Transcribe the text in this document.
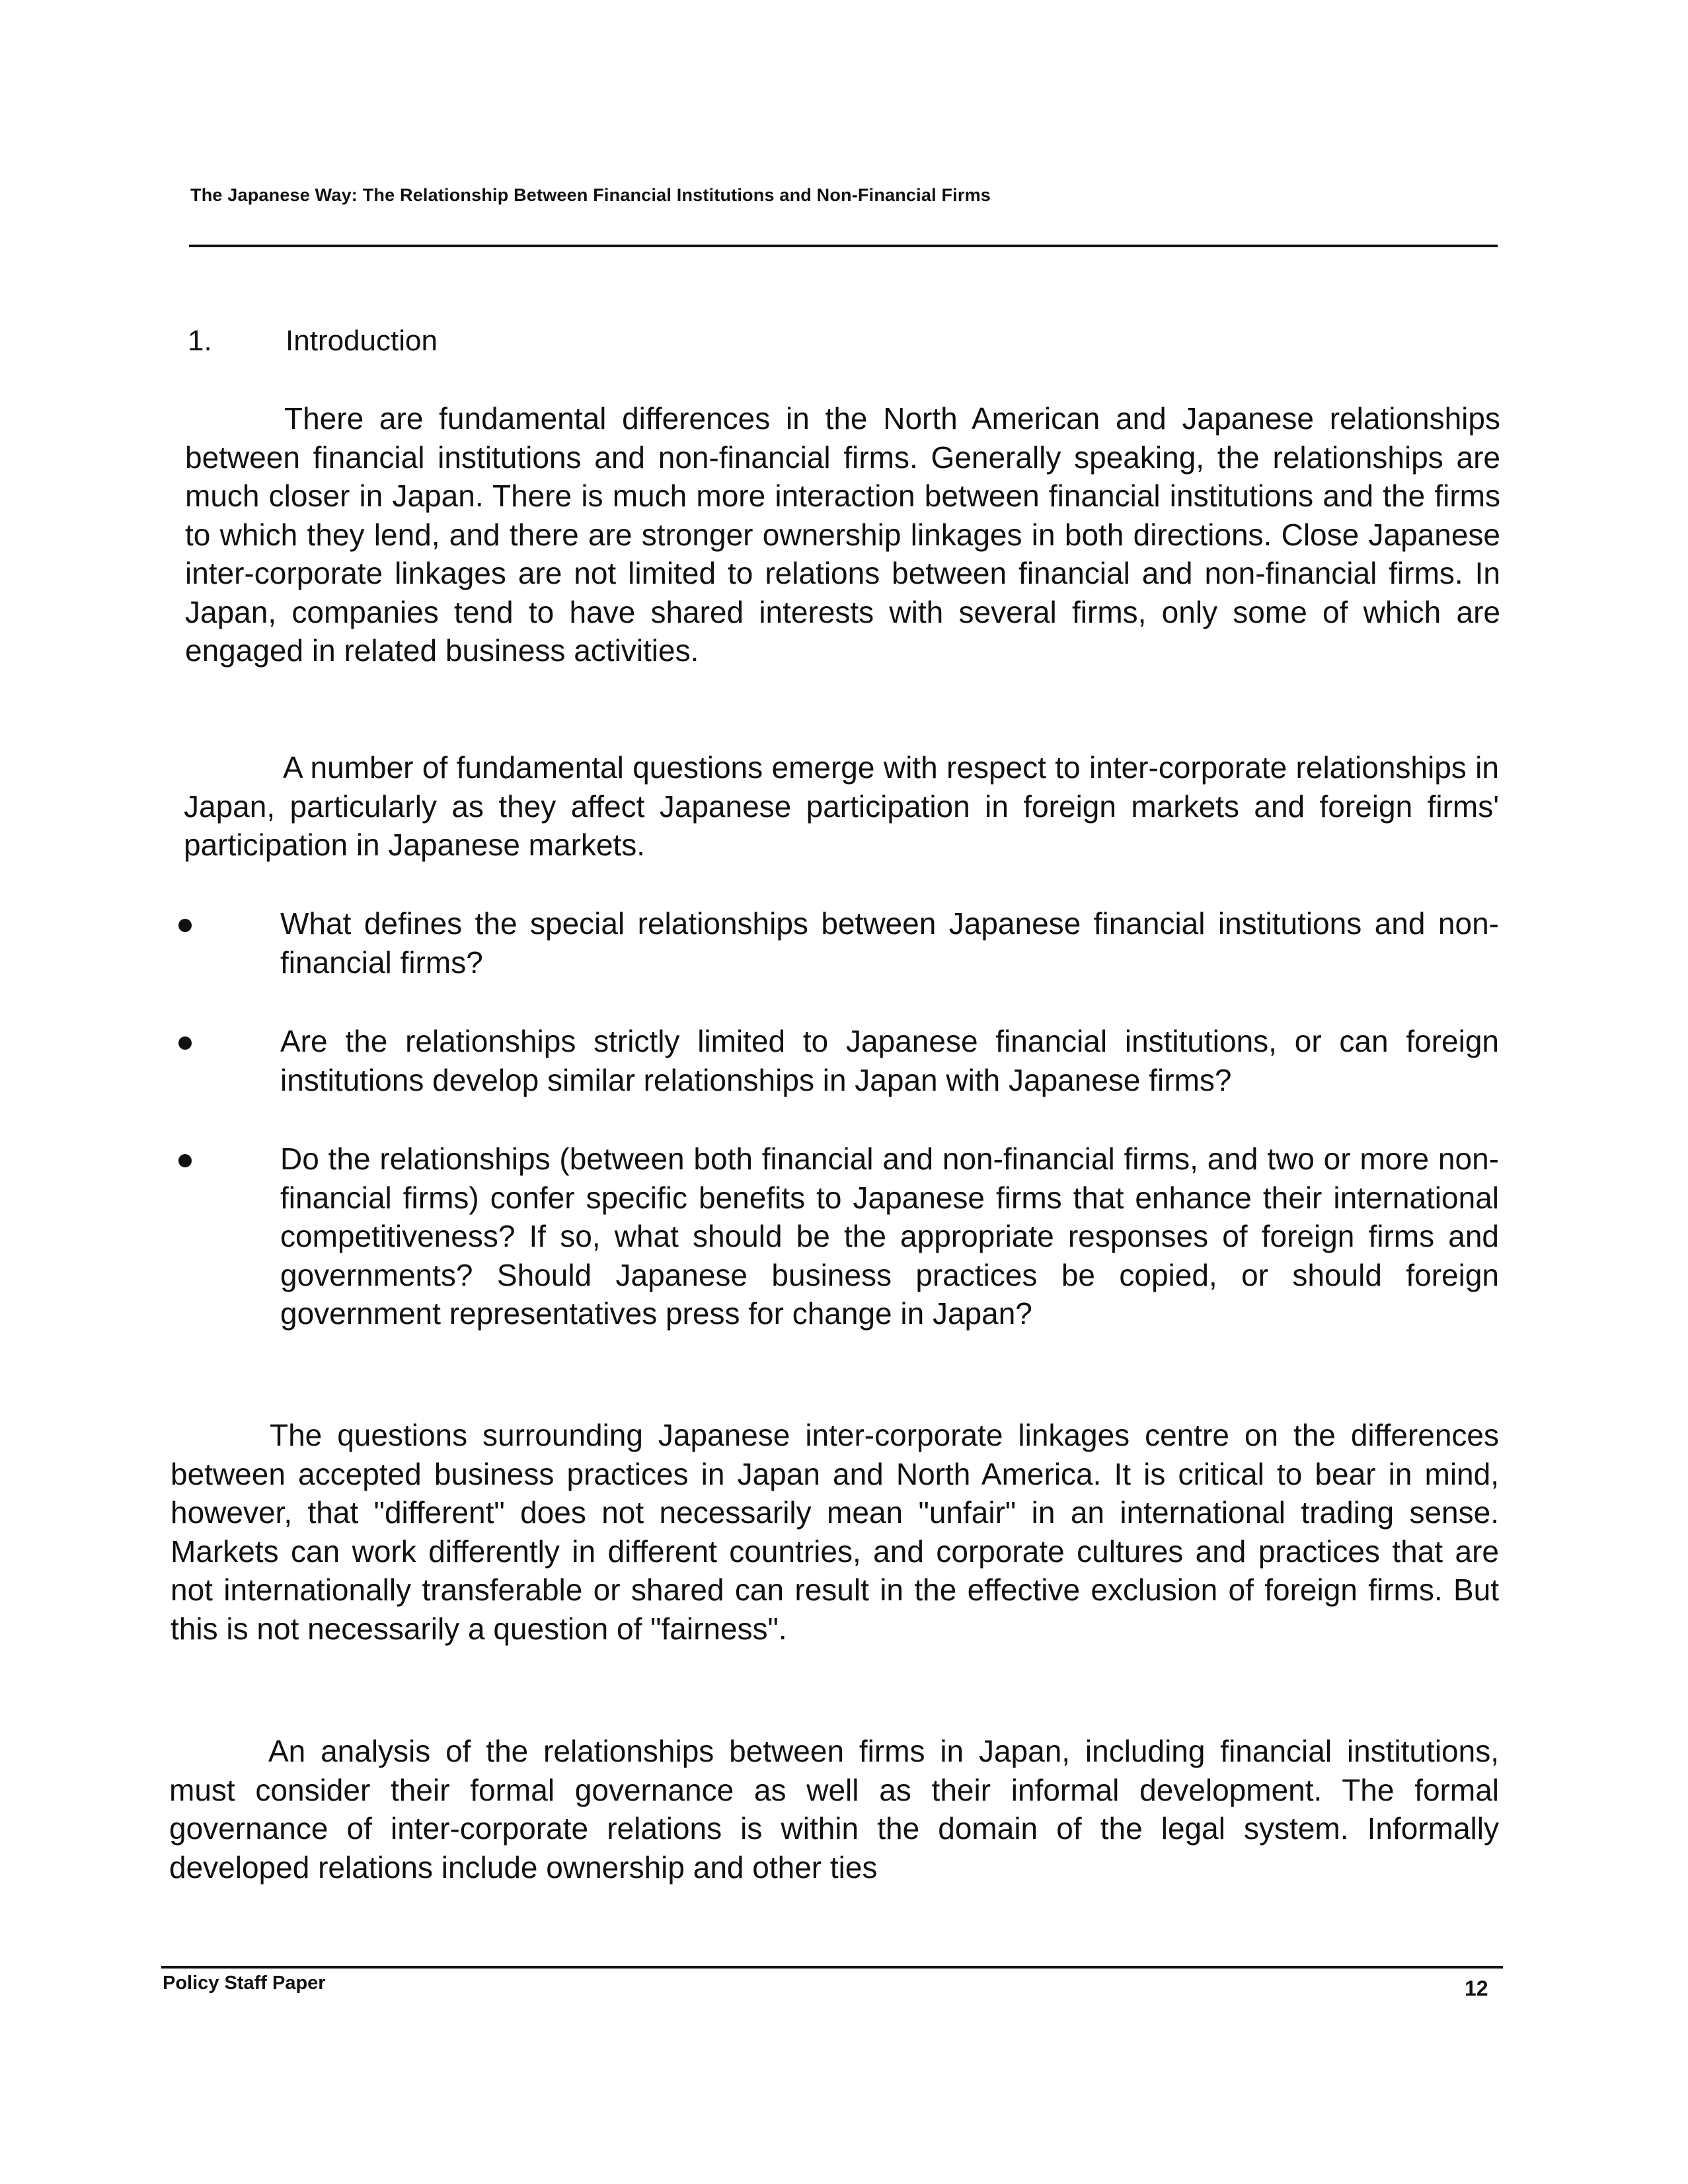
The Japanese Way: The Relationship Between Financial Institutions and Non-Financial Firms
1.	Introduction

There are fundamental differences in the North American and Japanese relationships between financial institutions and non-financial firms. Generally speaking, the relationships are much closer in Japan. There is much more interaction between financial institutions and the firms to which they lend, and there are stronger ownership linkages in both directions. Close Japanese inter-corporate linkages are not limited to relations between financial and non-financial firms. In Japan, companies tend to have shared interests with several firms, only some of which are engaged in related business activities.

A number of fundamental questions emerge with respect to inter-corporate relationships in Japan, particularly as they affect Japanese participation in foreign markets and foreign firms' participation in Japanese markets.

What defines the special relationships between Japanese financial institutions and non-financial firms?

Are the relationships strictly limited to Japanese financial institutions, or can foreign institutions develop similar relationships in Japan with Japanese firms?

Do the relationships (between both financial and non-financial firms, and two or more non-financial firms) confer specific benefits to Japanese firms that enhance their international competitiveness? If so, what should be the appropriate responses of foreign firms and governments? Should Japanese business practices be copied, or should foreign government representatives press for change in Japan?

The questions surrounding Japanese inter-corporate linkages centre on the differences between accepted business practices in Japan and North America. It is critical to bear in mind, however, that "different" does not necessarily mean "unfair" in an international trading sense. Markets can work differently in different countries, and corporate cultures and practices that are not internationally transferable or shared can result in the effective exclusion of foreign firms. But this is not necessarily a question of "fairness".

An analysis of the relationships between firms in Japan, including financial institutions, must consider their formal governance as well as their informal development. The formal governance of inter-corporate relations is within the domain of the legal system. Informally developed relations include ownership and other ties

Policy Staff Paper	12
